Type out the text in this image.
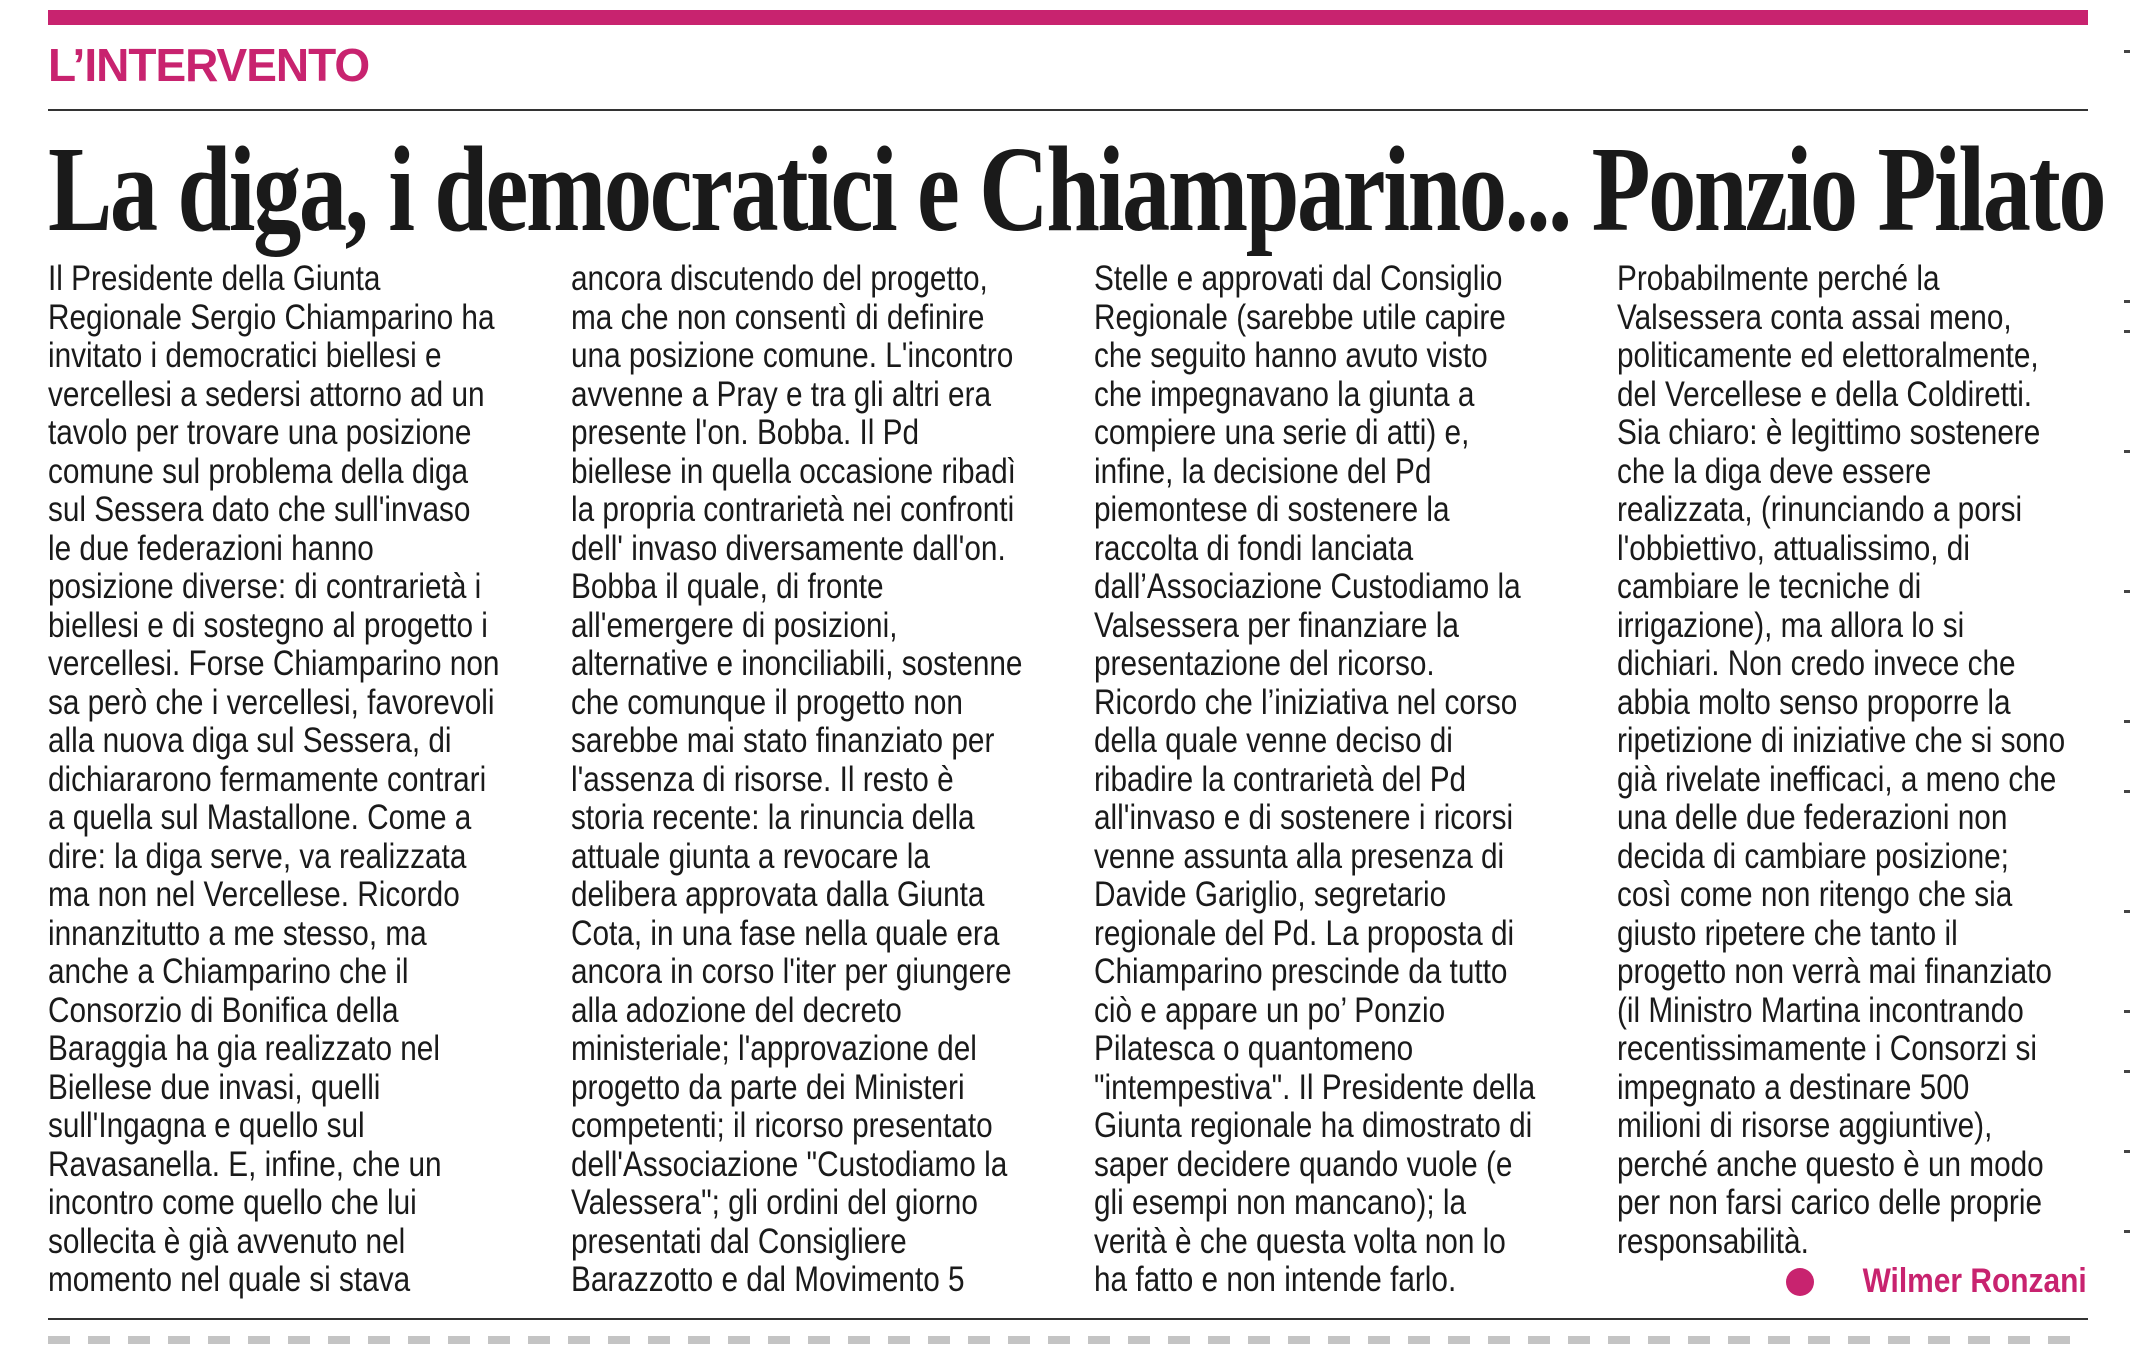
L’INTERVENTO
La diga, i democratici e Chiamparino... Ponzio Pilato
Il Presidente della Giunta
Regionale Sergio Chiamparino ha
invitato i democratici biellesi e
vercellesi a sedersi attorno ad un
tavolo per trovare una posizione
comune sul problema della diga
sul Sessera dato che sull'invaso
le due federazioni hanno
posizione diverse: di contrarietà i
biellesi e di sostegno al progetto i
vercellesi. Forse Chiamparino non
sa però che i vercellesi, favorevoli
alla nuova diga sul Sessera, di
dichiararono fermamente contrari
a quella sul Mastallone. Come a
dire: la diga serve, va realizzata
ma non nel Vercellese. Ricordo
innanzitutto a me stesso, ma
anche a Chiamparino che il
Consorzio di Bonifica della
Baraggia ha gia realizzato nel
Biellese due invasi, quelli
sull'Ingagna e quello sul
Ravasanella. E, infine, che un
incontro come quello che lui
sollecita è già avvenuto nel
momento nel quale si stava
ancora discutendo del progetto,
ma che non consentì di definire
una posizione comune. L'incontro
avvenne a Pray e tra gli altri era
presente l'on. Bobba. Il Pd
biellese in quella occasione ribadì
la propria contrarietà nei confronti
dell' invaso diversamente dall'on.
Bobba il quale, di fronte
all'emergere di posizioni,
alternative e inonciliabili, sostenne
che comunque il progetto non
sarebbe mai stato finanziato per
l'assenza di risorse. Il resto è
storia recente: la rinuncia della
attuale giunta a revocare la
delibera approvata dalla Giunta
Cota, in una fase nella quale era
ancora in corso l'iter per giungere
alla adozione del decreto
ministeriale; l'approvazione del
progetto da parte dei Ministeri
competenti; il ricorso presentato
dell'Associazione "Custodiamo la
Valessera"; gli ordini del giorno
presentati dal Consigliere
Barazzotto e dal Movimento 5
Stelle e approvati dal Consiglio
Regionale (sarebbe utile capire
che seguito hanno avuto visto
che impegnavano la giunta a
compiere una serie di atti) e,
infine, la decisione del Pd
piemontese di sostenere la
raccolta di fondi lanciata
dall’Associazione Custodiamo la
Valsessera per finanziare la
presentazione del ricorso.
Ricordo che l’iniziativa nel corso
della quale venne deciso di
ribadire la contrarietà del Pd
all'invaso e di sostenere i ricorsi
venne assunta alla presenza di
Davide Gariglio, segretario
regionale del Pd. La proposta di
Chiamparino prescinde da tutto
ciò e appare un po’ Ponzio
Pilatesca o quantomeno
"intempestiva". Il Presidente della
Giunta regionale ha dimostrato di
saper decidere quando vuole (e
gli esempi non mancano); la
verità è che questa volta non lo
ha fatto e non intende farlo.
Probabilmente perché la
Valsessera conta assai meno,
politicamente ed elettoralmente,
del Vercellese e della Coldiretti.
Sia chiaro: è legittimo sostenere
che la diga deve essere
realizzata, (rinunciando a porsi
l'obbiettivo, attualissimo, di
cambiare le tecniche di
irrigazione), ma allora lo si
dichiari. Non credo invece che
abbia molto senso proporre la
ripetizione di iniziative che si sono
già rivelate inefficaci, a meno che
una delle due federazioni non
decida di cambiare posizione;
così come non ritengo che sia
giusto ripetere che tanto il
progetto non verrà mai finanziato
(il Ministro Martina incontrando
recentissimamente i Consorzi si
impegnato a destinare 500
milioni di risorse aggiuntive),
perché anche questo è un modo
per non farsi carico delle proprie
responsabilità.
Wilmer Ronzani
